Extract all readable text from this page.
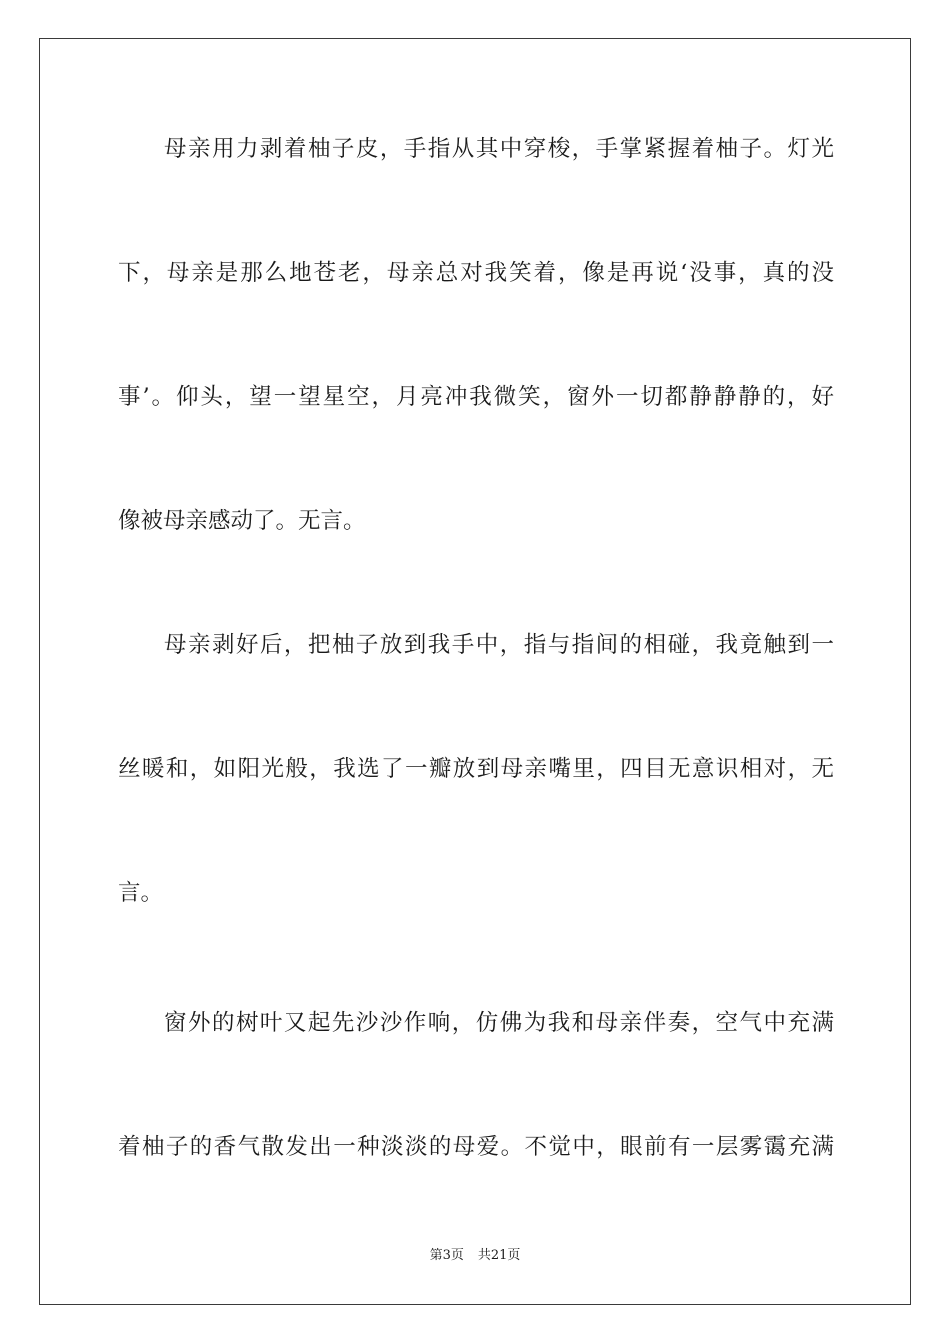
母亲用力剥着柚子皮，手指从其中穿梭，手掌紧握着柚子。灯光
下，母亲是那么地苍老，母亲总对我笑着，像是再说‘没事，真的没
事’。仰头，望一望星空，月亮冲我微笑，窗外一切都静静静的，好
像被母亲感动了。无言。
母亲剥好后，把柚子放到我手中，指与指间的相碰，我竟触到一
丝暖和，如阳光般，我选了一瓣放到母亲嘴里，四目无意识相对，无
言。
窗外的树叶又起先沙沙作响，仿佛为我和母亲伴奏，空气中充满
着柚子的香气散发出一种淡淡的母爱。不觉中，眼前有一层雾霭充满
第3页 共21页
